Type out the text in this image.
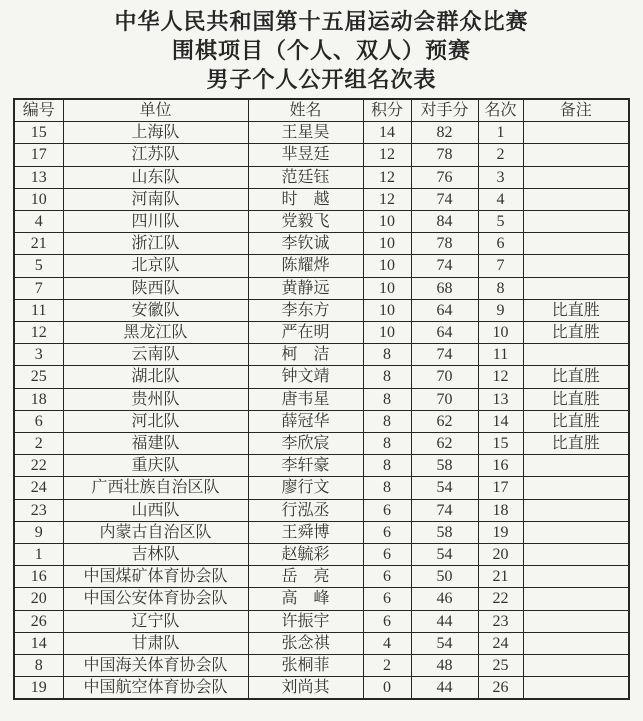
中华人民共和国第十五届运动会群众比赛
围棋项目（个人、双人）预赛
男子个人公开组名次表
编号	单位	姓名	积分	对手分	名次	备注
15	上海队	王星昊	14	82	1	
17	江苏队	芈昱廷	12	78	2	
13	山东队	范廷钰	12	76	3	
10	河南队	时　越	12	74	4	
4	四川队	党毅飞	10	84	5	
21	浙江队	李钦诚	10	78	6	
5	北京队	陈耀烨	10	74	7	
7	陕西队	黄静远	10	68	8	
11	安徽队	李东方	10	64	9	比直胜
12	黑龙江队	严在明	10	64	10	比直胜
3	云南队	柯　洁	8	74	11	
25	湖北队	钟文靖	8	70	12	比直胜
18	贵州队	唐韦星	8	70	13	比直胜
6	河北队	薛冠华	8	62	14	比直胜
2	福建队	李欣宸	8	62	15	比直胜
22	重庆队	李轩豪	8	58	16	
24	广西壮族自治区队	廖行文	8	54	17	
23	山西队	行泓丞	6	74	18	
9	内蒙古自治区队	王舜博	6	58	19	
1	吉林队	赵毓彩	6	54	20	
16	中国煤矿体育协会队	岳　亮	6	50	21	
20	中国公安体育协会队	高　峰	6	46	22	
26	辽宁队	许振宇	6	44	23	
14	甘肃队	张念祺	4	54	24	
8	中国海关体育协会队	张桐菲	2	48	25	
19	中国航空体育协会队	刘尚其	0	44	26	
